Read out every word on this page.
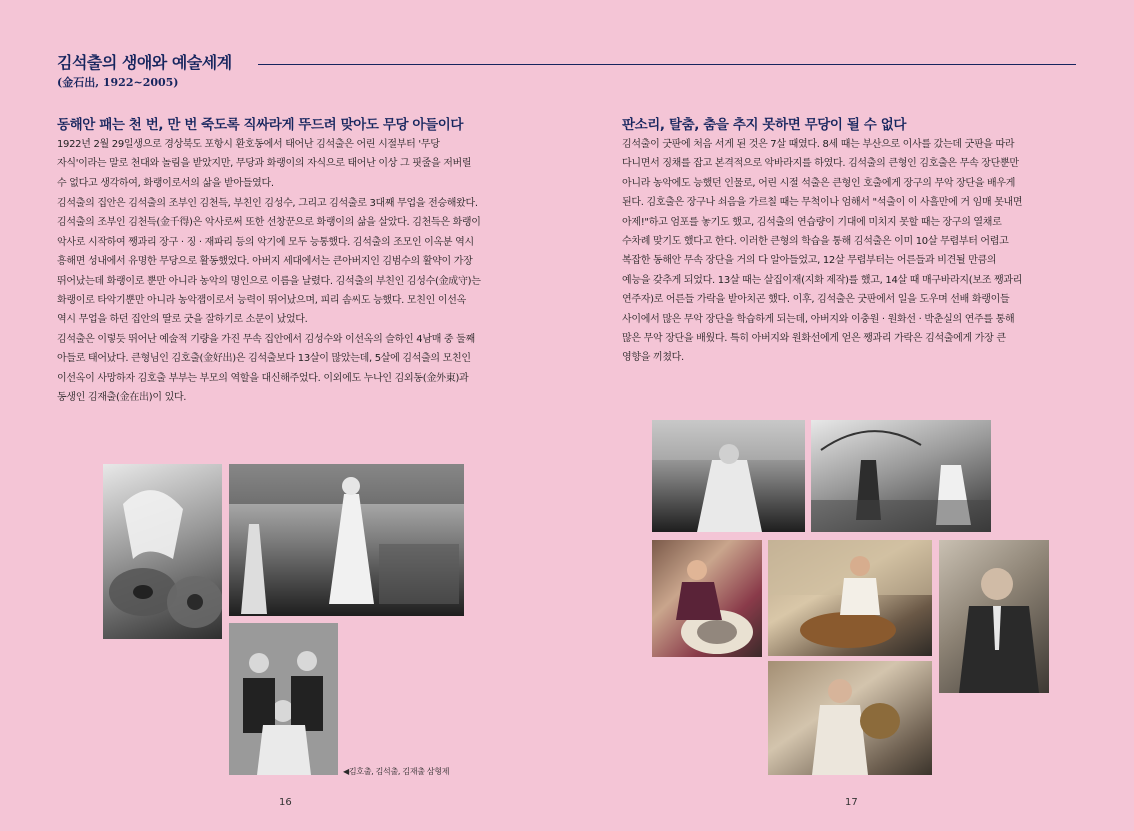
김석출의 생애와 예술세계
(金石出, 1922~2005)
동해안 패는 천 번, 만 번 죽도록 직싸라게 뚜드려 맞아도 무당 아들이다
1922년 2월 29일생으로 경상북도 포항시 환호동에서 태어난 김석출은 어린 시절부터 '무당
자식'이라는 말로 천대와 놀림을 받았지만, 무당과 화랭이의 자식으로 태어난 이상 그 핏줄을 저버릴
수 없다고 생각하여, 화랭이로서의 삶을 받아들였다.
김석출의 집안은 김석출의 조부인 김천득, 부친인 김성수, 그리고 김석출로 3대째 무업을 전승해왔다.
김석출의 조부인 김천득(金千得)은 악사로써 또한 선창꾼으로 화랭이의 삶을 살았다. 김천득은 화랭이
악사로 시작하여 쨍과리 장구 · 징 · 재파리 등의 악기에 모두 능통했다. 김석출의 조모인 이옥분 역시
흥해면 성내에서 유명한 무당으로 활동했었다. 아버지 세대에서는 큰아버지인 김범수의 활약이 가장
뛰어났는데 화랭이로 뿐만 아니라 농악의 명인으로 이름을 날렸다. 김석출의 부친인 김성수(金成守)는
화랭이로 타악기뿐만 아니라 농악잽이로서 능력이 뛰어났으며, 피리 솜씨도 능했다. 모친인 이선옥
역시 무업을 하던 집안의 딸로 굿을 잘하기로 소문이 났었다.
김석출은 이렇듯 뛰어난 예술적 기량을 가진 무속 집안에서 김성수와 이선옥의 슬하인 4남매 중 둘째
아들로 태어났다. 큰형님인 김호출(金好出)은 김석출보다 13살이 많았는데, 5살에 김석출의 모친인
이선옥이 사망하자 김호출 부부는 부모의 역할을 대신해주었다. 이외에도 누나인 김외동(金外東)과
동생인 김재출(金在出)이 있다.
◀김호출, 김석출, 김재출 삼형제
16
판소리, 탈춤, 춤을 추지 못하면 무당이 될 수 없다
김석출이 굿판에 처음 서게 된 것은 7살 때였다. 8세 때는 부산으로 이사를 갔는데 굿판을 따라
다니면서 징채를 잡고 본격적으로 악바라지를 하였다. 김석출의 큰형인 김호출은 무속 장단뿐만
아니라 농악에도 능했던 인물로, 어린 시절 석출은 큰형인 호출에게 장구의 무악 장단을 배우게
된다. 김호출은 장구나 쇠음을 가르칠 때는 무척이나 엄해서 "석출이 이 사흘만에 거 임매 못내면
아제!"하고 엄포를 놓기도 했고, 김석출의 연습량이 기대에 미치지 못할 때는 장구의 열채로
수차례 맞기도 했다고 한다. 이러한 큰형의 학습을 통해 김석출은 이미 10살 무렵부터 어렵고
복잡한 동해안 무속 장단을 거의 다 알아들었고, 12살 무렵부터는 어른들과 비견될 만큼의
예능을 갖추게 되었다. 13살 때는 살집이재(지화 제작)를 했고, 14살 때 매구바라지(보조 쨍과리
연주자)로 어른들 가락을 받아치곤 했다. 이후, 김석출은 굿판에서 일을 도우며 선배 화랭이들
사이에서 많은 무악 장단을 학습하게 되는데, 아버지와 이충원 · 원화선 · 박춘실의 연주를 통해
많은 무악 장단을 배웠다. 특히 아버지와 원화선에게 얻은 쨍과리 가락은 김석출에게 가장 큰
영향을 끼쳤다.
17
